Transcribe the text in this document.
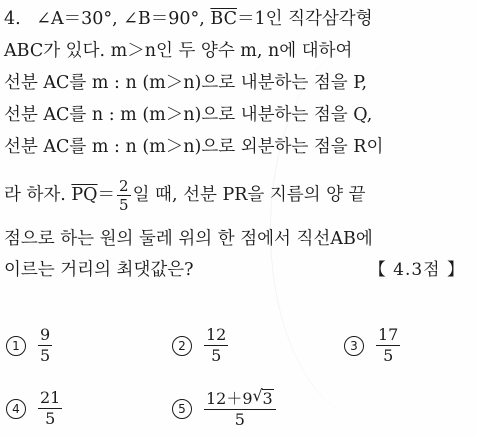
4. ∠A＝30°, ∠B＝90°, $\overline{BC}=1$인 직각삼각형
ABC가 있다. m＞n인 두 양수 m, n에 대하여
선분 AC를 m : n (m＞n)으로 내분하는 점을 P,
선분 AC를 n : m (m＞n)으로 내분하는 점을 Q,
선분 AC를 m : n (m＞n)으로 외분하는 점을 R이
라 하자. $\overline{PQ}= \frac{2}{5}$ 일 때, 선분 PR을 지름의 양 끝
점으로 하는 원의 둘레 위의 한 점에서 직선AB에
이르는 거리의 최댓값은?	【 4.3점 】
1	$\frac{9}{5}$	2	$\frac{12}{5}$	3	$\frac{17}{5}$
4	$\frac{21}{5}$	5	$\frac{12+9 √ 3}{5}$
